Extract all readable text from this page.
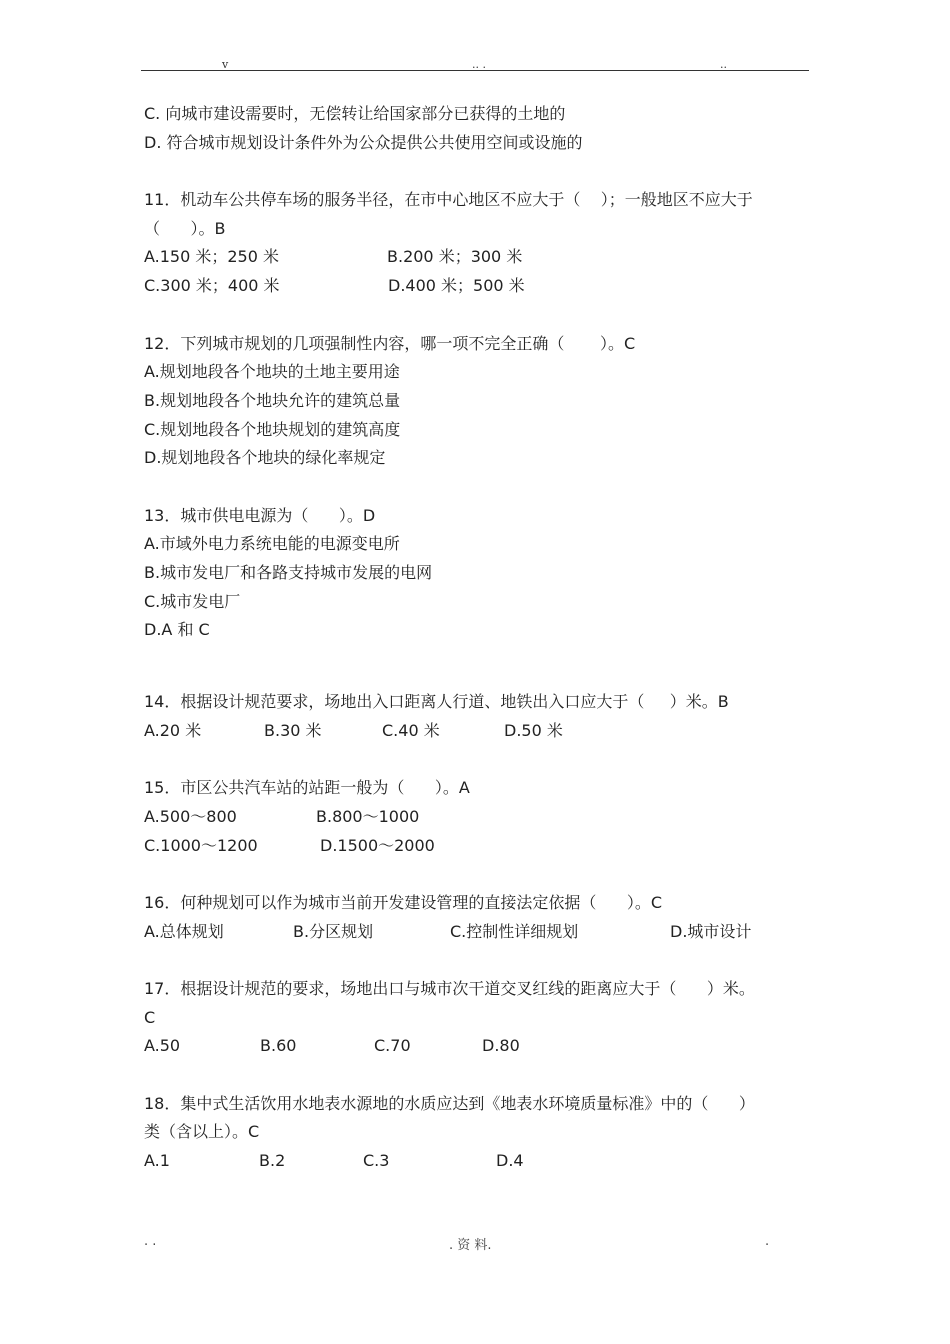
v	.. .	..
C. 向城市建设需要时，无偿转让给国家部分已获得的土地的
D. 符合城市规划设计条件外为公众提供公共使用空间或设施的
11．机动车公共停车场的服务半径，在市中心地区不应大于（    ）；一般地区不应大于
（      ）。B
A.150 米；250 米	B.200 米；300 米
C.300 米；400 米	D.400 米；500 米
12．下列城市规划的几项强制性内容，哪一项不完全正确（       ）。C
A.规划地段各个地块的土地主要用途
B.规划地段各个地块允许的建筑总量
C.规划地段各个地块规划的建筑高度
D.规划地段各个地块的绿化率规定
13．城市供电电源为（      ）。D
A.市域外电力系统电能的电源变电所
B.城市发电厂和各路支持城市发展的电网
C.城市发电厂
D.A 和 C
14．根据设计规范要求，场地出入口距离人行道、地铁出入口应大于（     ）米。B
A.20 米	B.30 米	C.40 米	D.50 米
15．市区公共汽车站的站距一般为（      ）。A
A.500～800	B.800～1000
C.1000～1200	D.1500～2000
16．何种规划可以作为城市当前开发建设管理的直接法定依据（      ）。C
A.总体规划	B.分区规划	C.控制性详细规划	D.城市设计
17．根据设计规范的要求，场地出口与城市次干道交叉红线的距离应大于（      ）米。
C
A.50	B.60	C.70	D.80
18．集中式生活饮用水地表水源地的水质应达到《地表水环境质量标准》中的（      ）
类（含以上）。C
A.1	B.2	C.3	D.4
. .	. 资 料.	.
